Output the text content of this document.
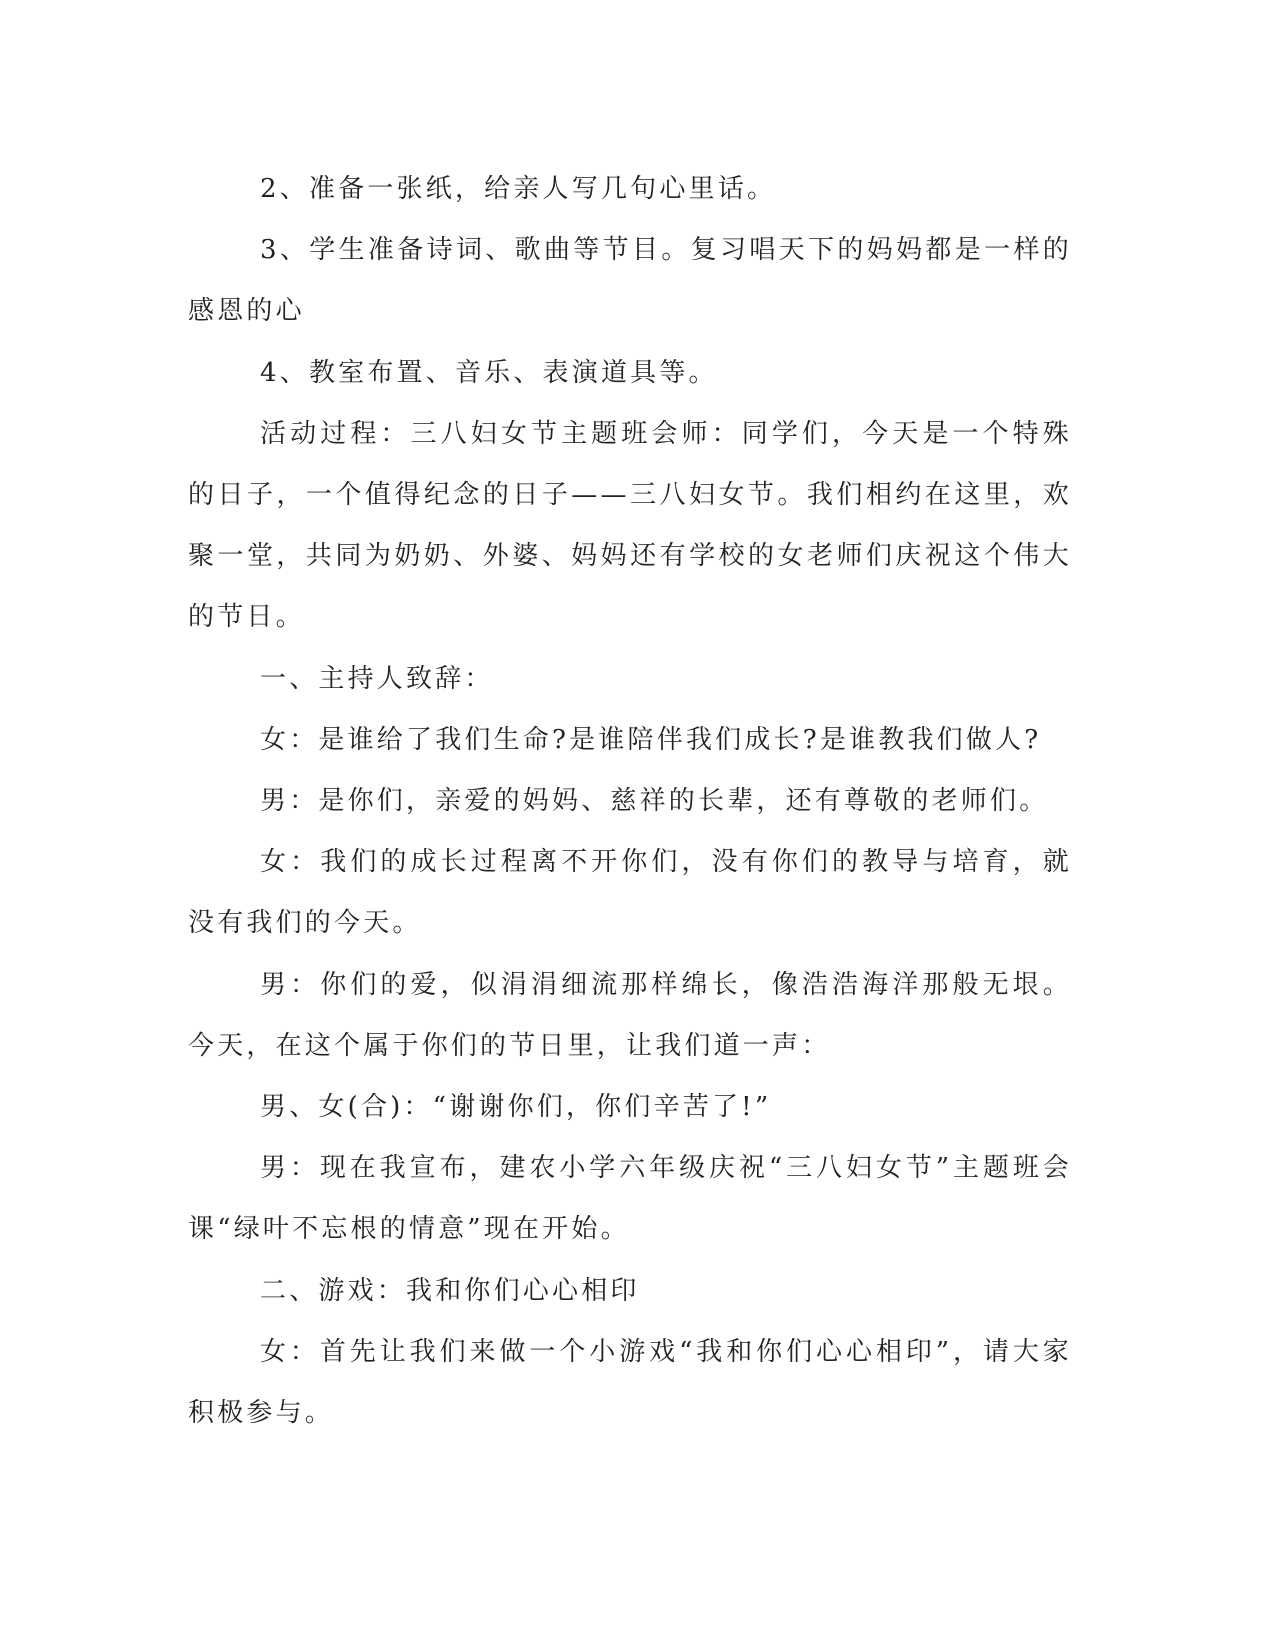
2、准备一张纸，给亲人写几句心里话。

3、学生准备诗词、歌曲等节目。复习唱天下的妈妈都是一样的感恩的心

4、教室布置、音乐、表演道具等。

活动过程：三八妇女节主题班会师：同学们，今天是一个特殊的日子，一个值得纪念的日子——三八妇女节。我们相约在这里，欢聚一堂，共同为奶奶、外婆、妈妈还有学校的女老师们庆祝这个伟大的节日。

一、主持人致辞：

女：是谁给了我们生命?是谁陪伴我们成长?是谁教我们做人?

男：是你们，亲爱的妈妈、慈祥的长辈，还有尊敬的老师们。

女：我们的成长过程离不开你们，没有你们的教导与培育，就没有我们的今天。

男：你们的爱，似涓涓细流那样绵长，像浩浩海洋那般无垠。今天，在这个属于你们的节日里，让我们道一声：

男、女(合)：“谢谢你们，你们辛苦了!”

男：现在我宣布，建农小学六年级庆祝“三八妇女节”主题班会课“绿叶不忘根的情意”现在开始。

二、游戏：我和你们心心相印

女：首先让我们来做一个小游戏“我和你们心心相印”，请大家积极参与。
